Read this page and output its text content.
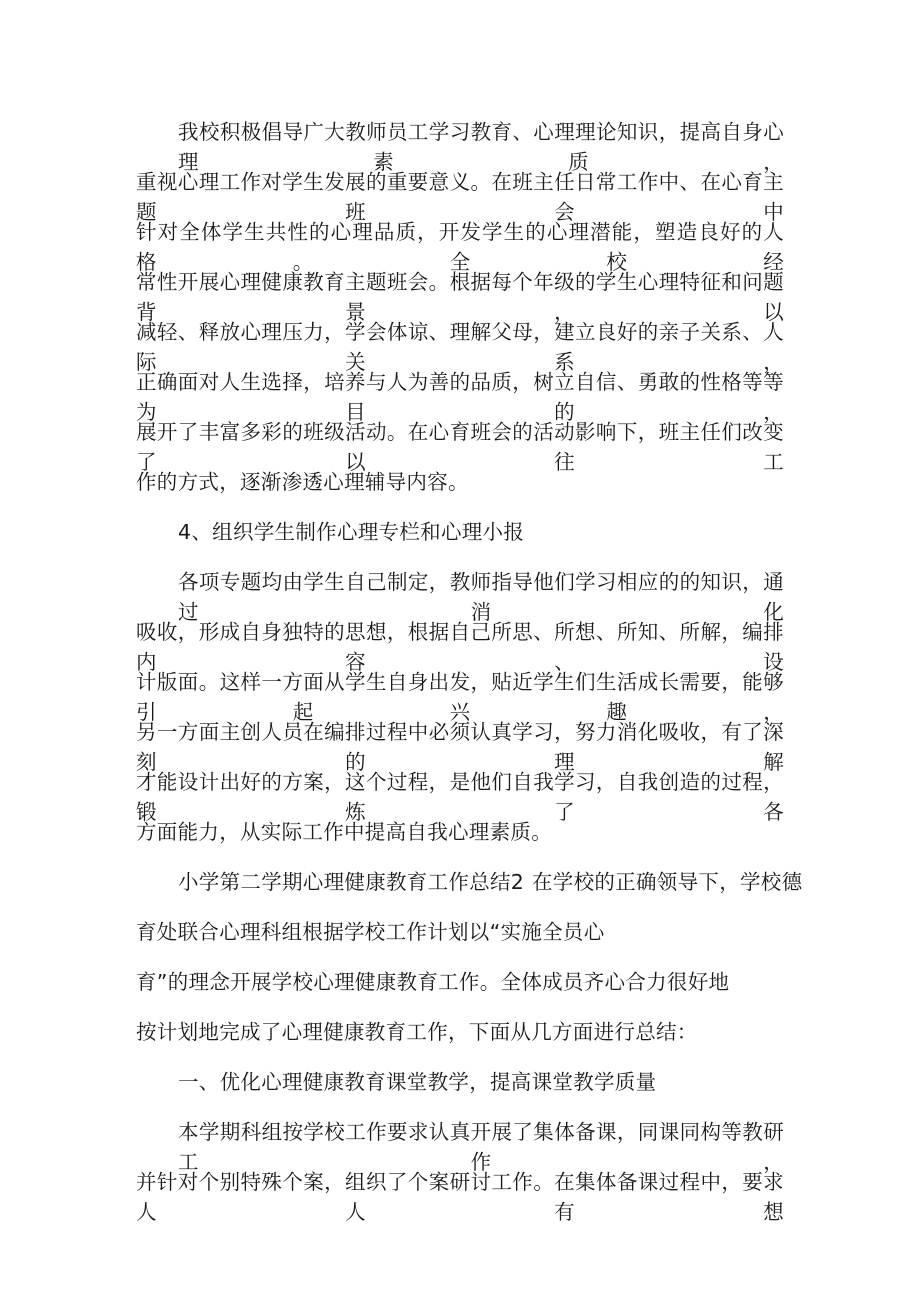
我校积极倡导广大教师员工学习教育、心理理论知识，提高自身心理素质，
重视心理工作对学生发展的重要意义。在班主任日常工作中、在心育主题班会中
针对全体学生共性的心理品质，开发学生的心理潜能，塑造良好的人格。全校经
常性开展心理健康教育主题班会。根据每个年级的学生心理特征和问题背景，以
减轻、释放心理压力，学会体谅、理解父母，建立良好的亲子关系、人际关系，
正确面对人生选择，培养与人为善的品质，树立自信、勇敢的性格等等为目的，
展开了丰富多彩的班级活动。在心育班会的活动影响下，班主任们改变了以往工
作的方式，逐渐渗透心理辅导内容。
4、组织学生制作心理专栏和心理小报
各项专题均由学生自己制定，教师指导他们学习相应的的知识，通过消化
吸收，形成自身独特的思想，根据自己所思、所想、所知、所解，编排内容、设
计版面。这样一方面从学生自身出发，贴近学生们生活成长需要，能够引起兴趣，
另一方面主创人员在编排过程中必须认真学习，努力消化吸收，有了深刻的理解
才能设计出好的方案，这个过程，是他们自我学习，自我创造的过程，锻炼了各
方面能力，从实际工作中提高自我心理素质。
小学第二学期心理健康教育工作总结2 在学校的正确领导下，学校德
育处联合心理科组根据学校工作计划以“实施全员心
育”的理念开展学校心理健康教育工作。全体成员齐心合力很好地
按计划地完成了心理健康教育工作，下面从几方面进行总结：
一、优化心理健康教育课堂教学，提高课堂教学质量
本学期科组按学校工作要求认真开展了集体备课，同课同构等教研工作，
并针对个别特殊个案，组织了个案研讨工作。在集体备课过程中，要求人人有想
